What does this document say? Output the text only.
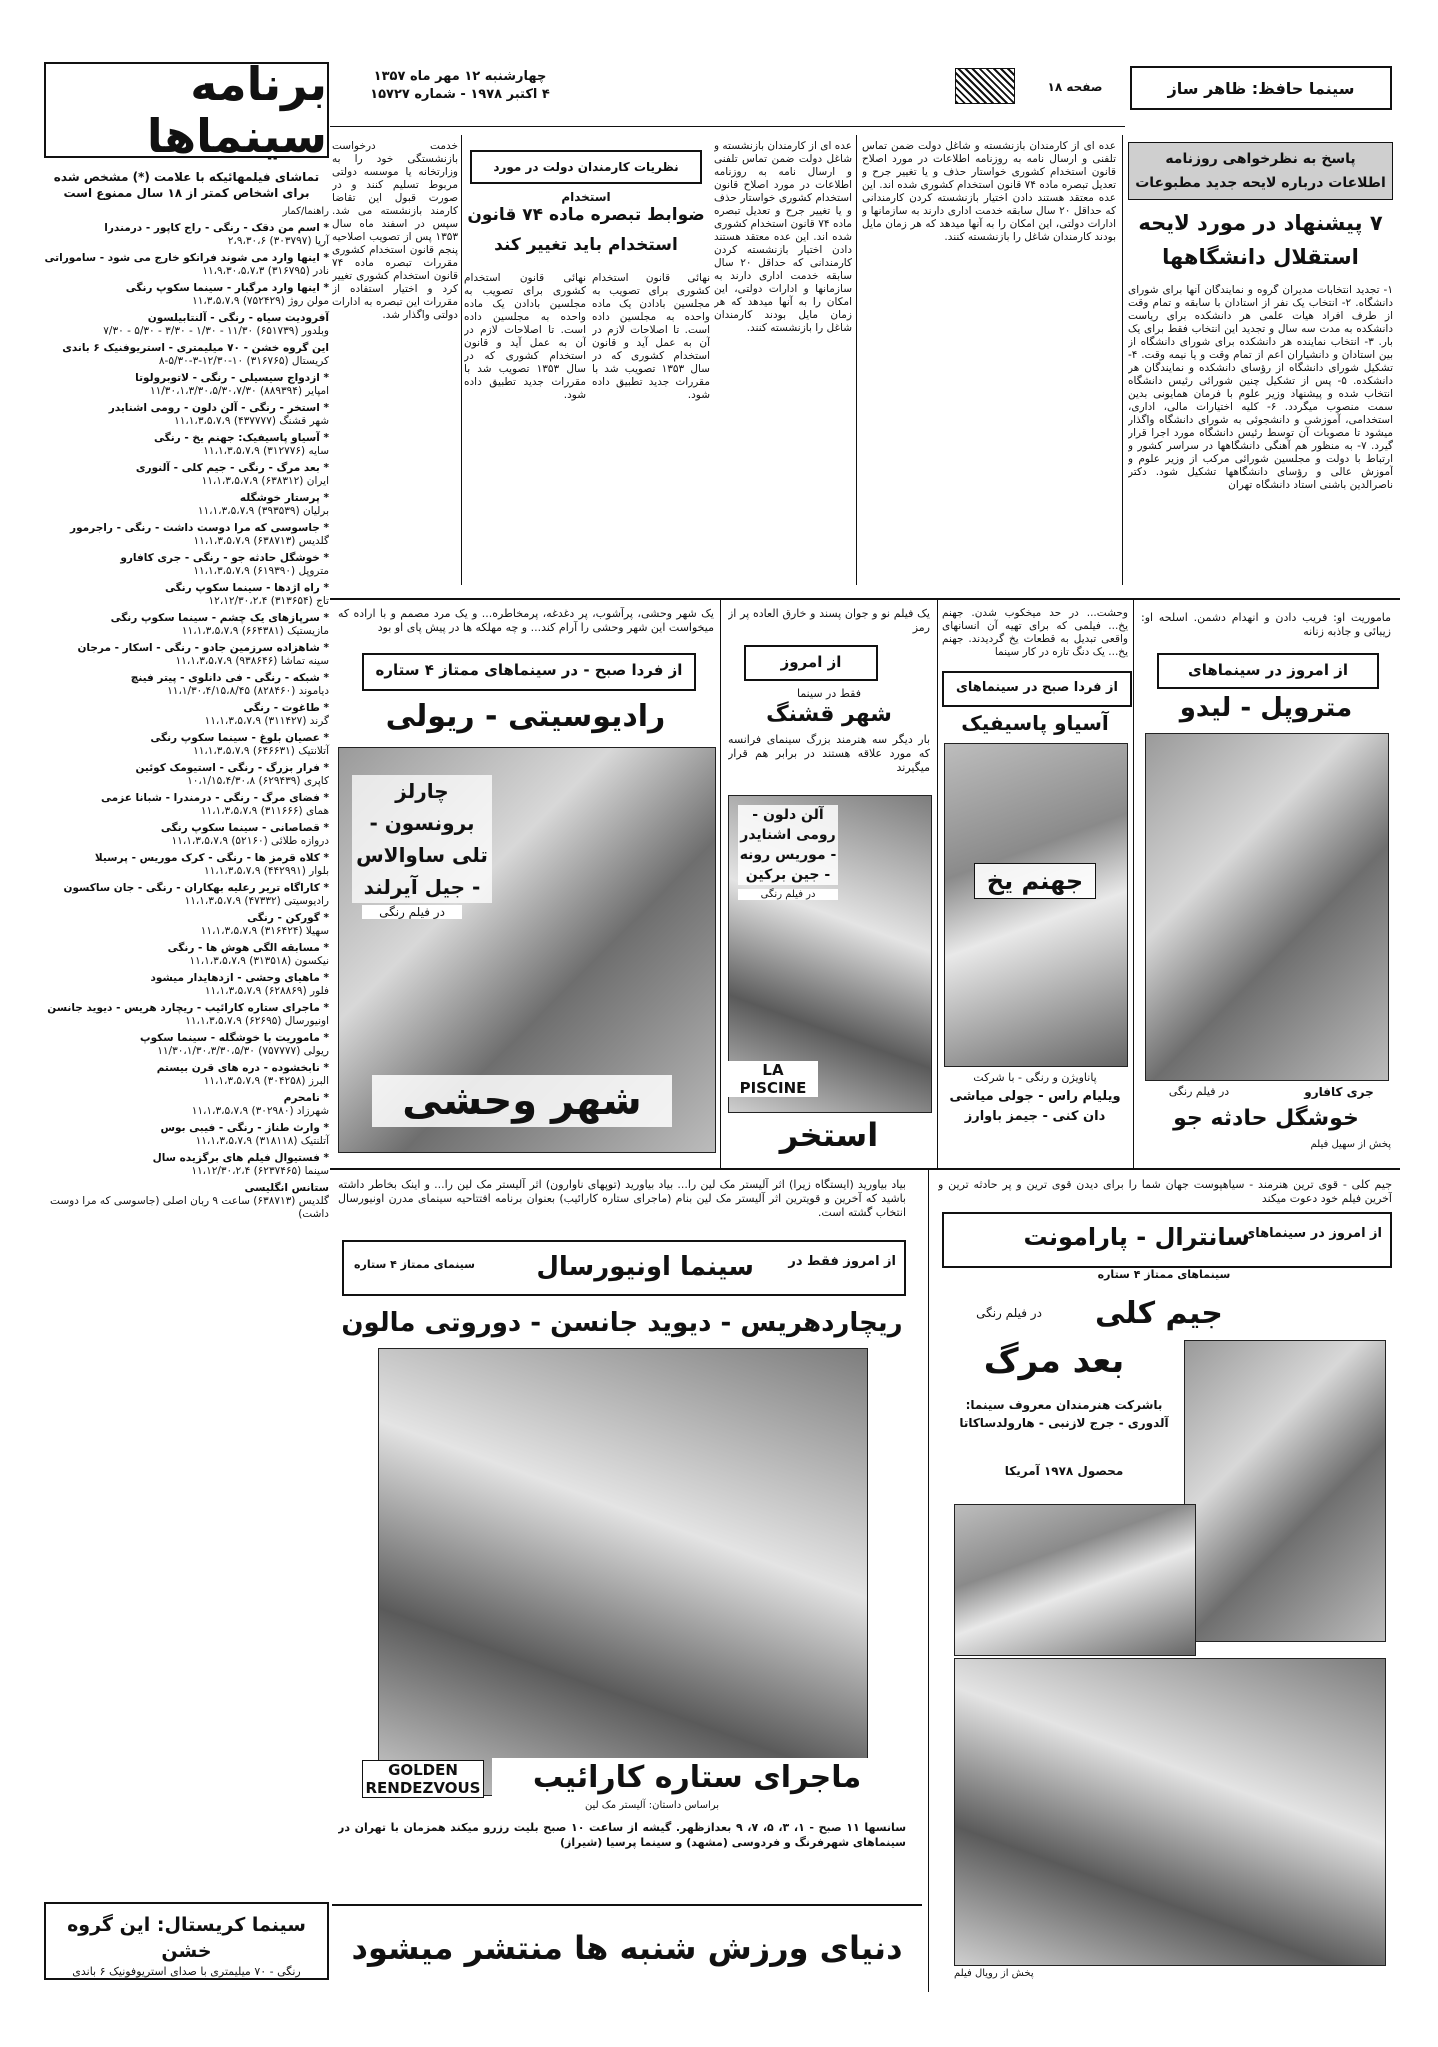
برنامه سینماها
چهارشنبه ۱۲ مهر ماه ۱۳۵۷
۴ اکتبر ۱۹۷۸ - شماره ۱۵۷۲۷	صفحه ۱۸	سینما حافظ: ظاهر ساز
پاسخ به نظرخواهی روزنامه اطلاعات درباره لایحه جدید مطبوعات
۷ پیشنهاد در مورد لایحه استقلال دانشگاهها
۱- تجدید انتخابات مدیران گروه و نمایندگان آنها برای شورای دانشگاه. ۲- انتخاب یک نفر از استادان با سابقه و تمام وقت از طرف افراد هیات علمی هر دانشکده برای ریاست دانشکده به مدت سه سال و تجدید این انتخاب فقط برای یک بار. ۳- انتخاب نماینده هر دانشکده برای شورای دانشگاه از بین استادان و دانشیاران اعم از تمام وقت و یا نیمه وقت. ۴- تشکیل شورای دانشگاه از رؤسای دانشکده و نمایندگان هر دانشکده. ۵- پس از تشکیل چنین شورائی رئیس دانشگاه انتخاب شده و پیشنهاد وزیر علوم با فرمان همایونی بدین سمت منصوب میگردد. ۶- کلیه اختیارات مالی، اداری، استخدامی، آموزشی و دانشجوئی به شورای دانشگاه واگذار میشود تا مصوبات آن توسط رئیس دانشگاه مورد اجرا قرار گیرد. ۷- به منظور هم آهنگی دانشگاهها در سراسر کشور و ارتباط با دولت و مجلسین شورائی مرکب از وزیر علوم و آموزش عالی و رؤسای دانشگاهها تشکیل شود. دکتر ناصرالدین باشنی استاد دانشگاه تهران
عده ای از کارمندان بازنشسته و شاغل دولت ضمن تماس تلفنی و ارسال نامه به روزنامه اطلاعات در مورد اصلاح قانون استخدام کشوری خواستار حذف و یا تغییر جرح و تعدیل تبصره ماده ۷۴ قانون استخدام کشوری شده اند. این عده معتقد هستند دادن اختیار بازنشسته کردن کارمندانی که حداقل ۲۰ سال سابقه خدمت اداری دارند به سازمانها و ادارات دولتی، این امکان را به آنها میدهد که هر زمان مایل بودند کارمندان شاغل را بازنشسته کنند.
عده ای از کارمندان بازنشسته و شاغل دولت ضمن تماس تلفنی و ارسال نامه به روزنامه اطلاعات در مورد اصلاح قانون استخدام کشوری خواستار حذف و یا تغییر جرح و تعدیل تبصره ماده ۷۴ قانون استخدام کشوری شده اند. این عده معتقد هستند دادن اختیار بازنشسته کردن کارمندانی که حداقل ۲۰ سال سابقه خدمت اداری دارند به سازمانها و ادارات دولتی، این امکان را به آنها میدهد که هر زمان مایل بودند کارمندان شاغل را بازنشسته کنند.
نظریات کارمندان دولت در مورد استخدام
ضوابط تبصره ماده ۷۴ قانون استخدام باید تغییر کند
نهائی قانون استخدام کشوری برای تصویب به مجلسین بادادن یک ماده واحده به مجلسین داده است. تا اصلاحات لازم در آن به عمل آید و قانون استخدام کشوری که در سال ۱۳۵۳ تصویب شد با مقررات جدید تطبیق داده شود.
نهائی قانون استخدام کشوری برای تصویب به مجلسین بادادن یک ماده واحده به مجلسین داده است. تا اصلاحات لازم در آن به عمل آید و قانون استخدام کشوری که در سال ۱۳۵۳ تصویب شد با مقررات جدید تطبیق داده شود.
خدمت درخواست بازنشستگی خود را به وزارتخانه یا موسسه دولتی مربوط تسلیم کنند و در صورت قبول این تقاضا کارمند بازنشسته می شد. سپس در اسفند ماه سال ۱۳۵۳ پس از تصویب اصلاحیه پنجم قانون استخدام کشوری مقررات تبصره ماده ۷۴ قانون استخدام کشوری تغییر کرد و اختیار استفاده از مقررات این تبصره به ادارات دولتی واگذار شد.
تماشای فیلمهائیکه با علامت (*) مشخص شده برای اشخاص کمتر از ۱۸ سال ممنوع است
راهنما/کمار
* اسم من دقک - رنگی - راج کاپور - درمندرا
آریا (۳۰۳۷۹۷) ۲،۹،۳۰،۶
* اینها وارد می شوند فرانکو خارج می شود - ساموراتی
نادر (۳۱۶۷۹۵) ۱۱،۹،۳۰،۵،۷،۳
* اینها وارد مرگبار - سینما سکوپ رنگی
مولن روژ (۷۵۲۴۲۹) ۱۱،۳،۵،۷،۹
آفرودیت سیاه - رنگی - آلنتابیلسون
وبلدور (۶۵۱۷۳۹) ۱۱/۳۰ - ۱/۳۰ - ۳/۳۰ - ۵/۳۰ - ۷/۳۰
این گروه خشن - ۷۰ میلیمتری - استریوفنیک ۶ باندی
کریستال (۳۱۶۷۶۵) ۱۰-۱۲/۳۰-۳-۵/۳۰-۸
* ازدواج سیسیلی - رنگی - لاتوبرولوتا
امپایر (۸۸۹۳۹۴) ۱۱/۳۰،۱،۳/۳۰،۵/۳۰،۷/۳۰
* استخر - رنگی - آلن دلون - رومی اشنایدر
شهر قشنگ (۴۳۷۷۷۷) ۱۱،۱،۳،۵،۷،۹
* آسیاو پاسیفیک: جهنم یخ - رنگی
سایه (۳۱۲۷۷۶) ۱۱،۱،۳،۵،۷،۹
* بعد مرگ - رنگی - جیم کلی - آلنوری
ایران (۶۳۸۳۱۲) ۱۱،۱،۳،۵،۷،۹
* پرستار خوشگله
برلیان (۳۹۳۵۳۹) ۱۱،۱،۳،۵،۷،۹
* جاسوسی که مرا دوست داشت - رنگی - راجرمور
گلدیس (۶۳۸۷۱۳) ۱۱،۱،۳،۵،۷،۹
* خوشگل حادثه جو - رنگی - جری کافارو
متروپل (۶۱۹۳۹۰) ۱۱،۱،۳،۵،۷،۹
* راه اژدها - سینما سکوپ رنگی
تاج (۳۱۳۶۵۴) ۱۲،۱۲/۳۰،۲،۴
* سرپازهای یک چشم - سینما سکوپ رنگی
مازیستیک (۶۶۴۳۸۱) ۱۱،۱،۳،۵،۷،۹
* شاهزاده سرزمین جادو - رنگی - اسکار - مرجان
سینه تماشا (۹۳۸۶۴۶) ۱۱،۱،۳،۵،۷،۹
* شبکه - رنگی - فی دانلوی - پیتر فینچ
دیاموند (۸۲۸۴۶۰) ۱۱،۱/۳۰،۴/۱۵،۸/۴۵
* طاغوت - رنگی
گرند (۳۱۱۴۲۷) ۱۱،۱،۳،۵،۷،۹
* عصیان بلوغ - سینما سکوپ رنگی
آتلانتیک (۶۴۶۶۳۱) ۱۱،۱،۳،۵،۷،۹
* فرار بزرگ - رنگی - استیومک کوئین
کاپری (۶۲۹۴۳۹) ۱۰،۱/۱۵،۴/۳۰،۸
* فضای مرگ - رنگی - درمندرا - شبانا عزمی
همای (۳۱۱۶۶۶) ۱۱،۱،۳،۵،۷،۹
* قصاصانی - سینما سکوپ رنگی
دروازه طلائی (۵۲۱۶۰) ۱۱،۱،۳،۵،۷،۹
* کلاه قرمز ها - رنگی - کرک موریس - پرسیلا
بلوار (۴۴۲۹۹۱) ۱۱،۱،۳،۵،۷،۹
* کاراگاه تریر رعلیه بهکاران - رنگی - جان ساکسون
رادیوسیتی (۴۷۳۳۲) ۱۱،۱،۳،۵،۷،۹
* گورکن - رنگی
سهیلا (۳۱۶۴۲۴) ۱۱،۱،۳،۵،۷،۹
* مسابقه الگی هوش ها - رنگی
نیکسون (۳۱۳۵۱۸) ۱۱،۱،۳،۵،۷،۹
* ماهیای وحشی - ازدهایدار میشود
فلور (۶۲۸۸۶۹) ۱۱،۱،۳،۵،۷،۹
* ماجرای ستاره کارائیب - ریچارد هریس - دیوید جانسن
اونیورسال (۶۲۶۹۵) ۱۱،۱،۳،۵،۷،۹
* ماموریت با خوشگله - سینما سکوپ
ریولی (۷۵۷۷۷۷) ۱۱/۳۰،۱/۳۰،۳/۳۰،۵/۳۰
* نابخشوده - دره های قرن بیستم
البرز (۳۰۴۲۵۸) ۱۱،۱،۳،۵،۷،۹
* نامحرم
شهرزاد (۳۰۲۹۸۰) ۱۱،۱،۳،۵،۷،۹
* وارث طناز - رنگی - فیبی بوس
آتلنتیک (۳۱۸۱۱۸) ۱۱،۱،۳،۵،۷،۹
* فستیوال فیلم های برگزیده سال
سینما (۶۲۳۷۴۶۵) ۱۱،۱۲/۳۰،۲،۴
ستانس انگلیسی
گلدیس (۶۳۸۷۱۳) ساعت ۹ ربان اصلی (جاسوسی که مرا دوست داشت)
سینما کریستال: این گروه خشن
رنگی - ۷۰ میلیمتری با صدای استریوفونیک ۶ باندی
یک شهر وحشی، پرآشوب، پر دغدغه، پرمخاطره... و یک مرد مصمم و با اراده که میخواست این شهر وحشی را آرام کند... و چه مهلکه ها در پیش پای او بود
از فردا صبح - در سینماهای ممتاز ۴ ستاره
رادیوسیتی - ریولی
چارلز برونسون - تلی ساوالاس - جیل آیرلند
در فیلم رنگی
شهر وحشی
یک فیلم نو و جوان پسند و خارق العاده پر از رمز
از امروز
فقط در سینما
شهر قشنگ
بار دیگر سه هنرمند بزرگ سینمای فرانسه که مورد علاقه هستند در برابر هم قرار میگیرند
آلن دلون - رومی اشنایدر - موریس رونه - جین برکین
در فیلم رنگی
LA PISCINE
استخر
وحشت... در حد میخکوب شدن. جهنم یخ... فیلمی که برای تهیه آن انسانهای واقعی تبدیل به قطعات یخ گردیدند. جهنم یخ... یک دنگ تازه در کار سینما
از فردا صبح در سینماهای
آسیاو پاسیفیک
جهنم یخ
پاناویژن و رنگی - با شرکت
ویلیام راس - جولی میاشی
دان کنی - جیمز باوارز
ماموریت او: فریب دادن و انهدام دشمن. اسلحه او: زیبائی و جاذبه زنانه
از امروز در سینماهای
متروپل - لیدو
جری کافارو
در فیلم رنگی
خوشگل حادثه جو
پخش از سهیل فیلم
بیاد بیاورید (ایستگاه زیرا) اثر آلیستر مک لین را... بیاد بیاورید (توپهای ناوارون) اثر آلیستر مک لین را... و اینک بخاطر داشته باشید که آخرین و قویترین اثر آلیستر مک لین بنام (ماجرای ستاره کارائیب) بعنوان برنامه افتتاحیه سینمای مدرن اونیورسال انتخاب گشته است.
از امروز فقط در
سینما اونیورسال
سینمای ممتاز ۴ ستاره
ریچاردهریس - دیوید جانسن - دوروتی مالون
GOLDEN
RENDEZVOUS	ماجرای ستاره کارائیب
براساس داستان: آلیستر مک لین
سانسها ۱۱ صبح - ۱، ۳، ۵، ۷، ۹ بعدازظهر. گیشه از ساعت ۱۰ صبح بلیت رزرو میکند همزمان با تهران در سینماهای شهرفرنگ و فردوسی (مشهد) و سینما پرسیا (شیراز)
دنیای ورزش شنبه ها منتشر میشود
جیم کلی - قوی ترین هنرمند - سیاهپوست جهان شما را برای دیدن قوی ترین و پر حادثه ترین و آخرین فیلم خود دعوت میکند
از امروز در سینماهای
سانترال - پارامونت
سینماهای ممتاز ۴ ستاره
جیم کلی
در فیلم رنگی
بعد مرگ
باشرکت هنرمندان معروف سینما: آلدوری - جرج لازنبی - هارولدساکاتا
محصول ۱۹۷۸ آمریکا
پخش از رویال فیلم
